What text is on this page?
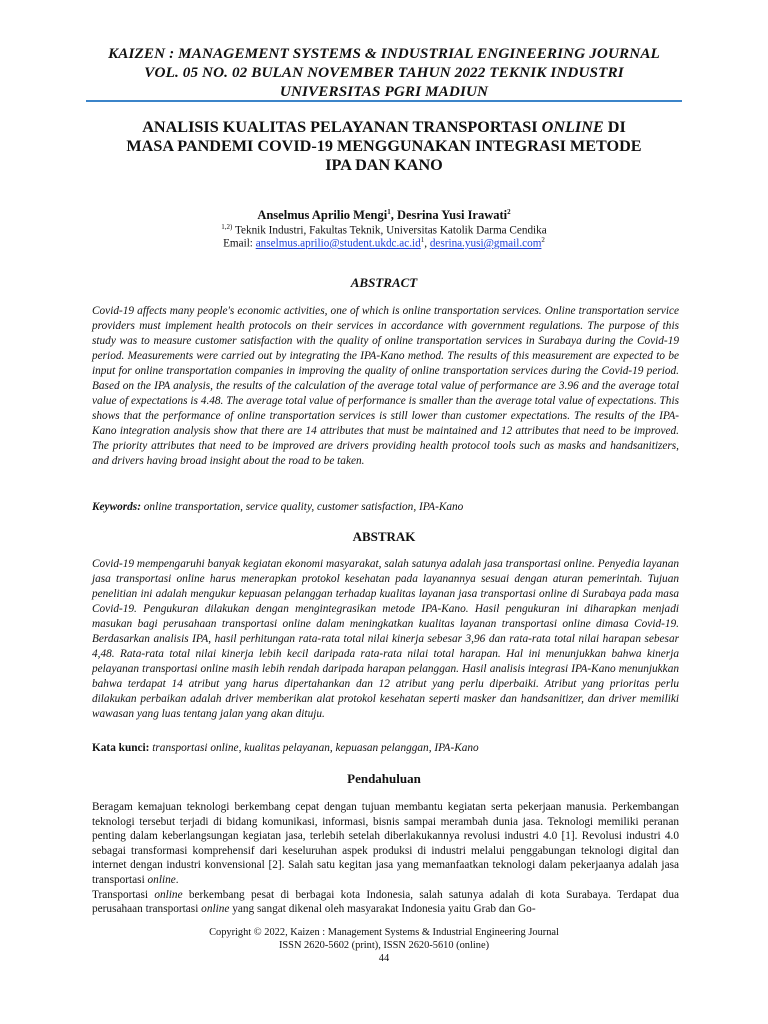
KAIZEN : MANAGEMENT SYSTEMS & INDUSTRIAL ENGINEERING JOURNAL
VOL. 05 NO. 02 BULAN NOVEMBER TAHUN 2022 TEKNIK INDUSTRI
UNIVERSITAS PGRI MADIUN
ANALISIS KUALITAS PELAYANAN TRANSPORTASI ONLINE DI
MASA PANDEMI COVID-19 MENGGUNAKAN INTEGRASI METODE
IPA DAN KANO
Anselmus Aprilio Mengi$^1$, Desrina Yusi Irawati$^2$
$^{1,2)}$ Teknik Industri, Fakultas Teknik, Universitas Katolik Darma Cendika
Email: $anselmus.aprilio@student.ukdc.ac.id^1$, desrina.yusi@gmail.com$^2$
ABSTRACT
Covid-19 affects many people's economic activities, one of which is online transportation services. Online transportation service providers must implement health protocols on their services in accordance with government regulations. The purpose of this study was to measure customer satisfaction with the quality of online transportation services in Surabaya during the Covid-19 period. Measurements were carried out by integrating the IPA-Kano method. The results of this measurement are expected to be input for online transportation companies in improving the quality of online transportation services during the Covid-19 period. Based on the IPA analysis, the results of the calculation of the average total value of performance are 3.96 and the average total value of expectations is 4.48. The average total value of performance is smaller than the average total value of expectations. This shows that the performance of online transportation services is still lower than customer expectations. The results of the IPA-Kano integration analysis show that there are 14 attributes that must be maintained and 12 attributes that need to be improved. The priority attributes that need to be improved are drivers providing health protocol tools such as masks and handsanitizers, and drivers having broad insight about the road to be taken.
Keywords: online transportation, service quality, customer satisfaction, IPA-Kano
ABSTRAK
Covid-19 mempengaruhi banyak kegiatan ekonomi masyarakat, salah satunya adalah jasa transportasi online. Penyedia layanan jasa transportasi online harus menerapkan protokol kesehatan pada layanannya sesuai dengan aturan pemerintah. Tujuan penelitian ini adalah mengukur kepuasan pelanggan terhadap kualitas layanan jasa transportasi online di Surabaya pada masa Covid-19. Pengukuran dilakukan dengan mengintegrasikan metode IPA-Kano. Hasil pengukuran ini diharapkan menjadi masukan bagi perusahaan transportasi online dalam meningkatkan kualitas layanan transportasi online dimasa Covid-19. Berdasarkan analisis IPA, hasil perhitungan rata-rata total nilai kinerja sebesar 3,96 dan rata-rata total nilai harapan sebesar 4,48. Rata-rata total nilai kinerja lebih kecil daripada rata-rata nilai total harapan. Hal ini menunjukkan bahwa kinerja pelayanan transportasi online masih lebih rendah daripada harapan pelanggan. Hasil analisis integrasi IPA-Kano menunjukkan bahwa terdapat 14 atribut yang harus dipertahankan dan 12 atribut yang perlu diperbaiki. Atribut yang prioritas perlu dilakukan perbaikan adalah driver memberikan alat protokol kesehatan seperti masker dan handsanitizer, dan driver memiliki wawasan yang luas tentang jalan yang akan dituju.
Kata kunci: transportasi online, kualitas pelayanan, kepuasan pelanggan, IPA-Kano
Pendahuluan
Beragam kemajuan teknologi berkembang cepat dengan tujuan membantu kegiatan serta pekerjaan manusia. Perkembangan teknologi tersebut terjadi di bidang komunikasi, informasi, bisnis sampai merambah dunia jasa. Teknologi memiliki peranan penting dalam keberlangsungan kegiatan jasa, terlebih setelah diberlakukannya revolusi industri 4.0 [1]. Revolusi industri 4.0 sebagai transformasi komprehensif dari keseluruhan aspek produksi di industri melalui penggabungan teknologi digital dan internet dengan industri konvensional [2]. Salah satu kegitan jasa yang memanfaatkan teknologi dalam pekerjaanya adalah jasa transportasi online.
Transportasi online berkembang pesat di berbagai kota Indonesia, salah satunya adalah di kota Surabaya. Terdapat dua perusahaan transportasi online yang sangat dikenal oleh masyarakat Indonesia yaitu Grab dan Go-
Copyright © 2022, Kaizen : Management Systems & Industrial Engineering Journal
ISSN 2620-5602 (print), ISSN 2620-5610 (online)
44
